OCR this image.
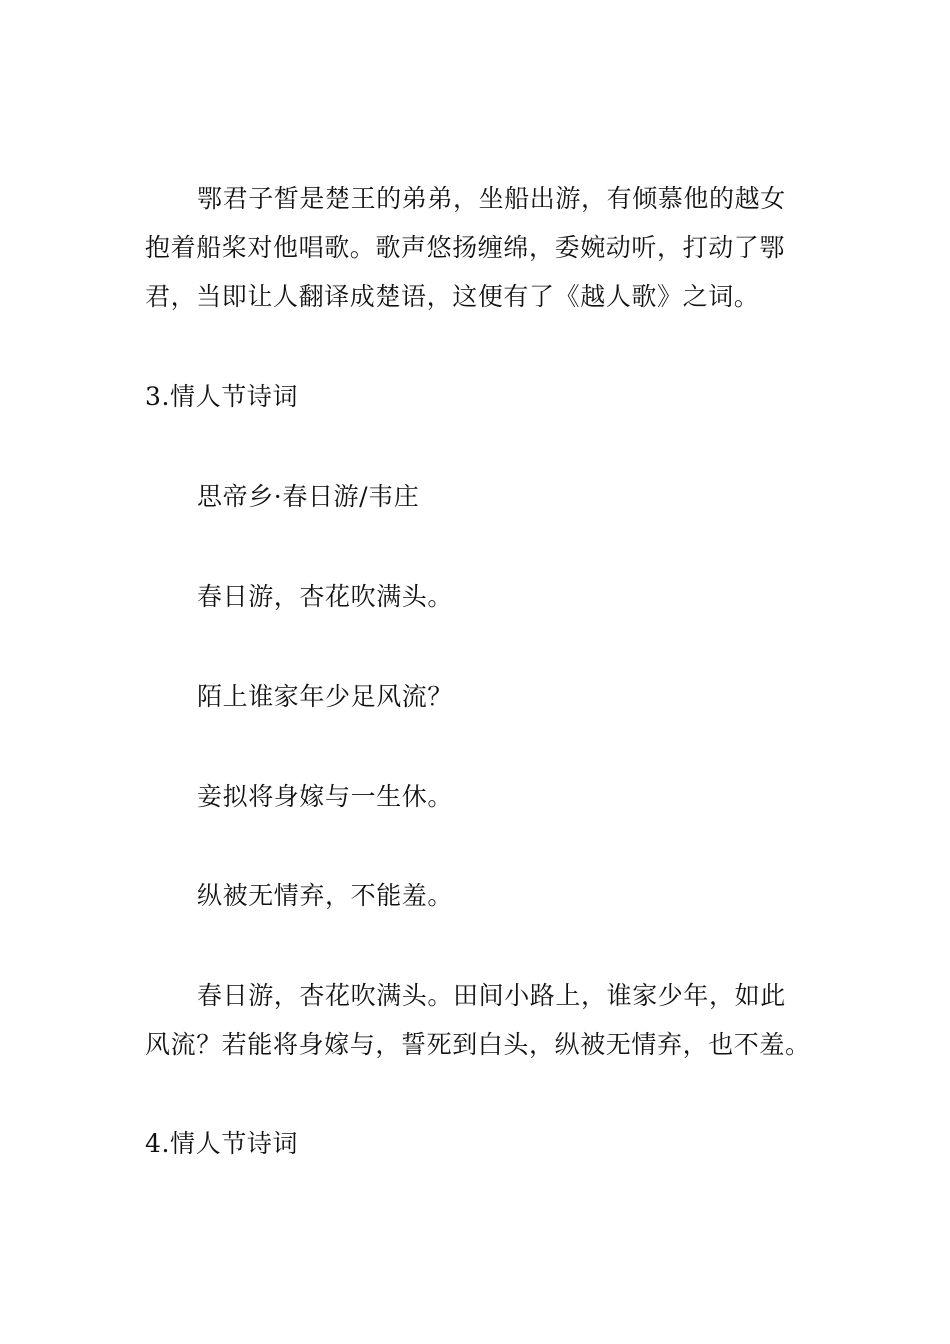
鄂君子皙是楚王的弟弟，坐船出游，有倾慕他的越女
抱着船桨对他唱歌。歌声悠扬缠绵，委婉动听，打动了鄂
君，当即让人翻译成楚语，这便有了《越人歌》之词。
3.情人节诗词
思帝乡·春日游/韦庄
春日游，杏花吹满头。
陌上谁家年少足风流？
妾拟将身嫁与一生休。
纵被无情弃，不能羞。
春日游，杏花吹满头。田间小路上，谁家少年，如此
风流？若能将身嫁与，誓死到白头，纵被无情弃，也不羞。
4.情人节诗词
